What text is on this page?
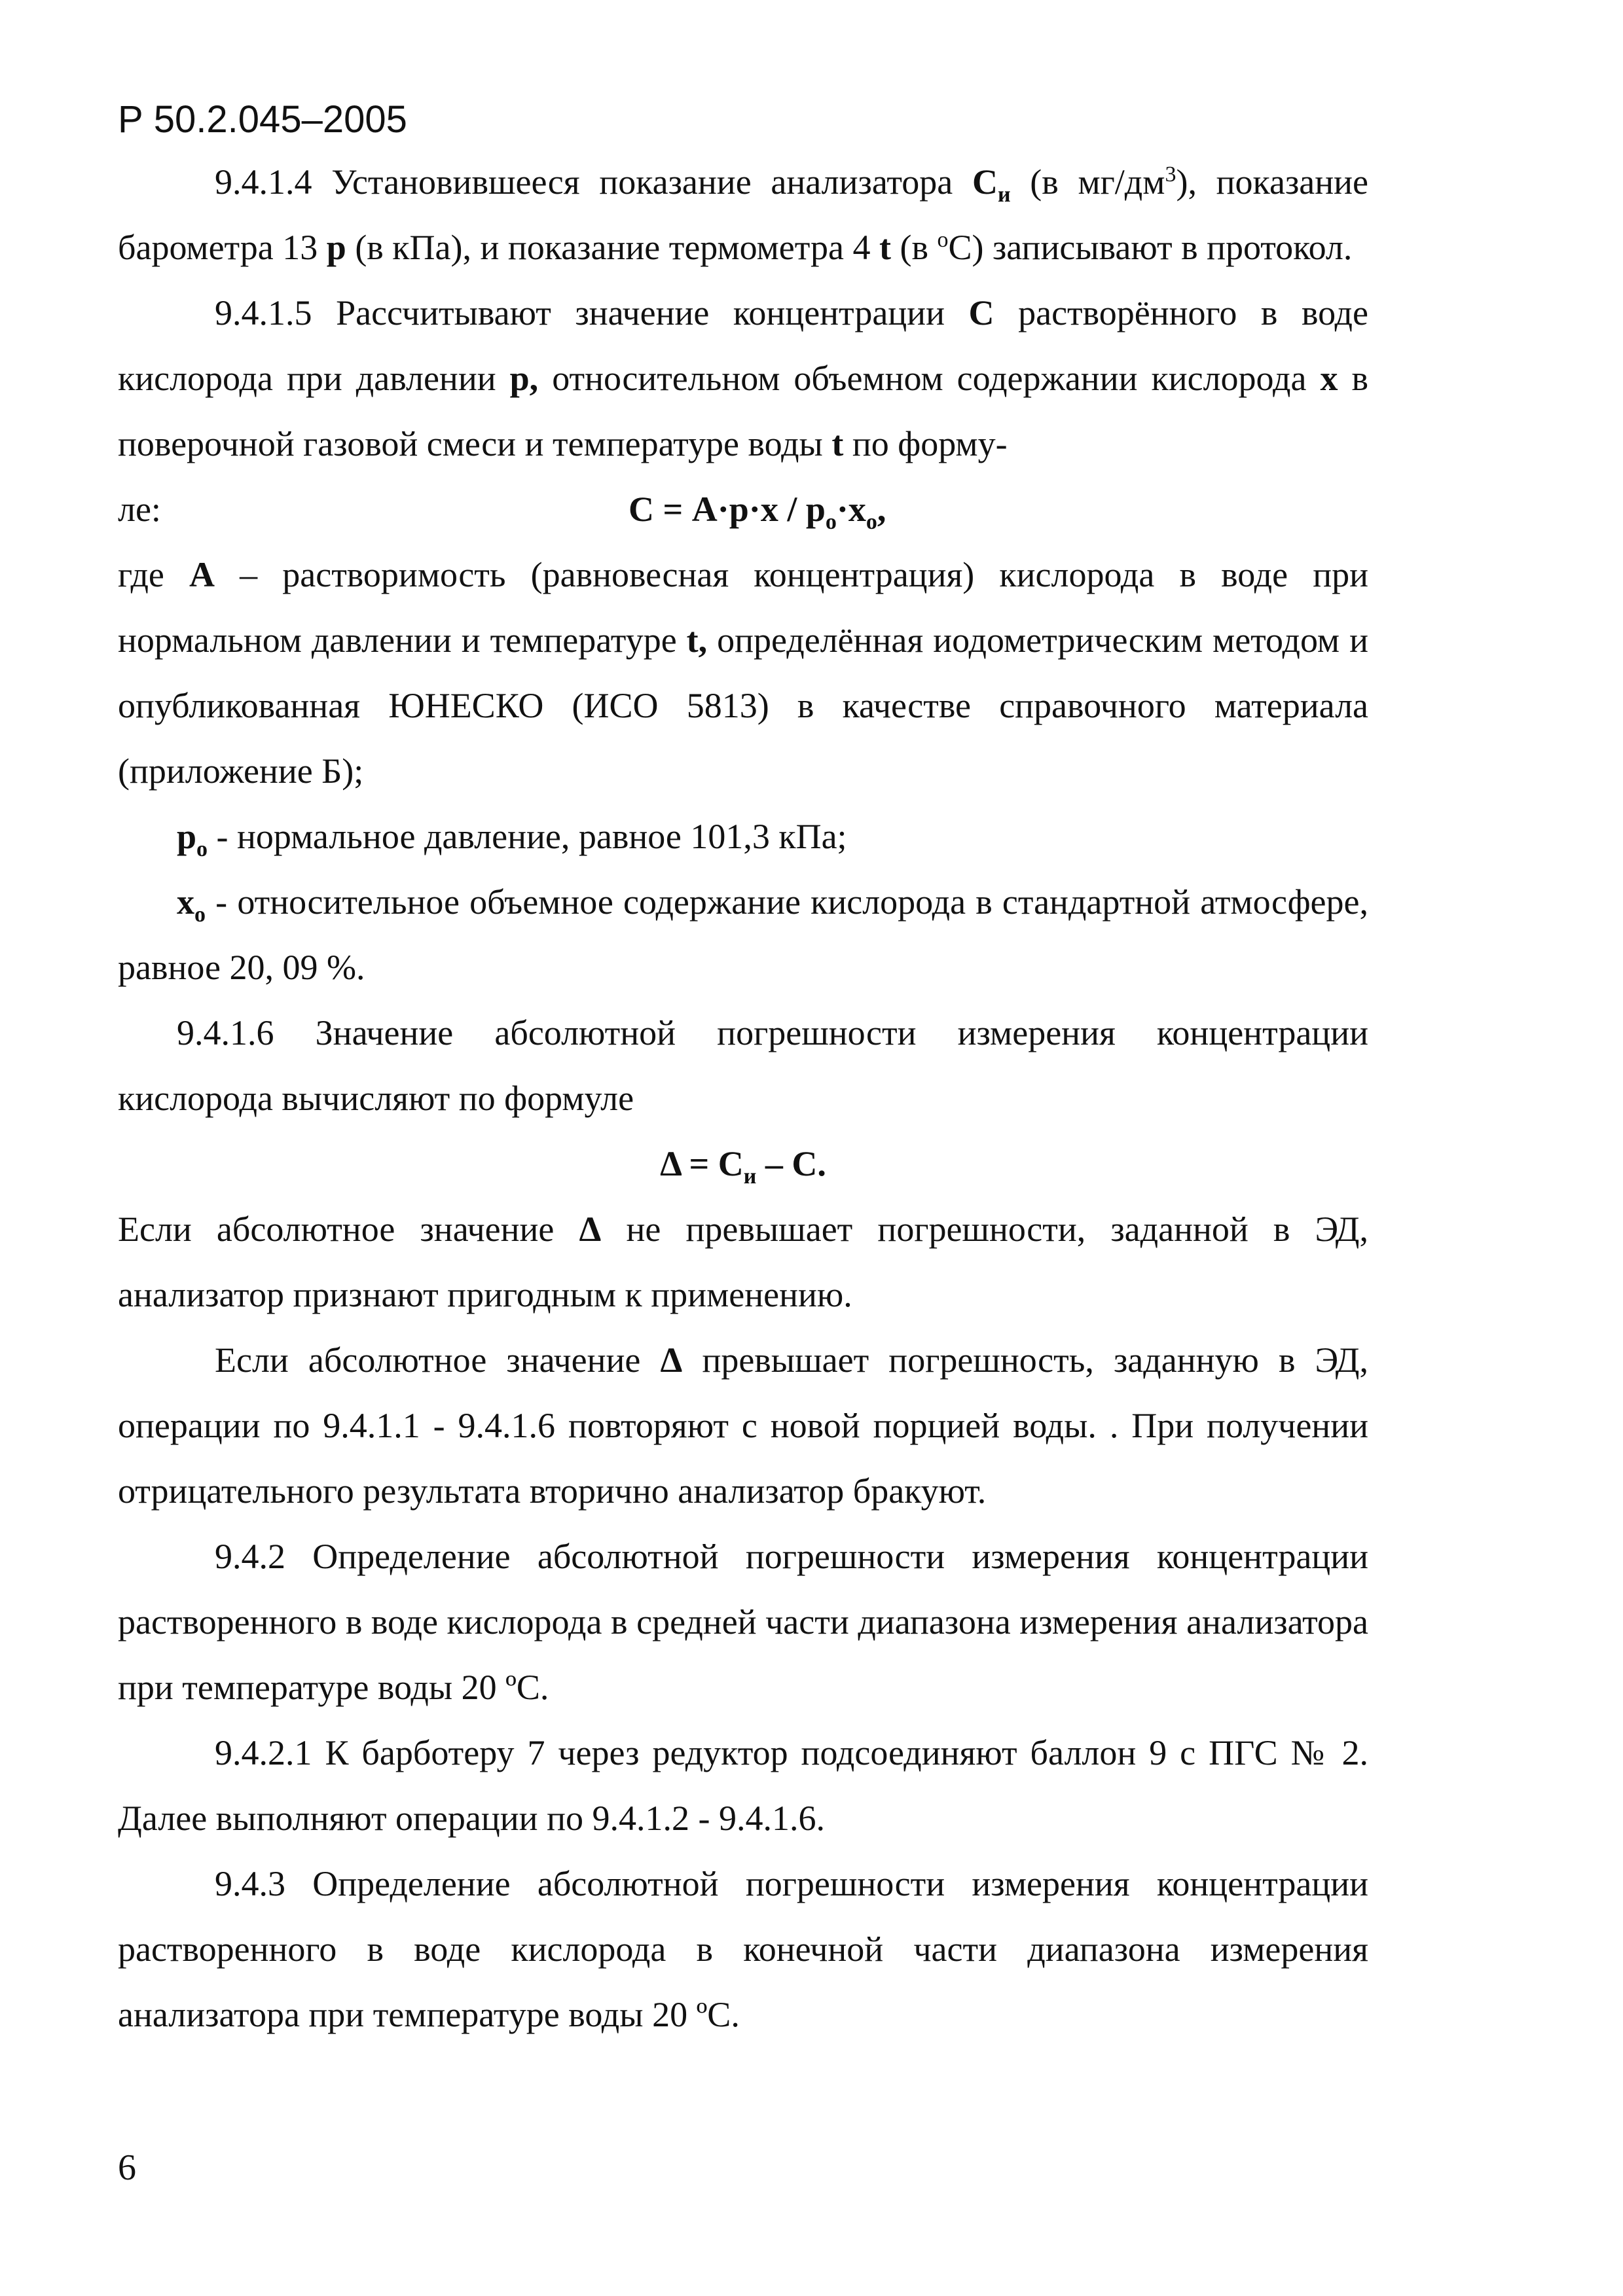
Р 50.2.045–2005

9.4.1.4 Установившееся показание анализатора $С_и$ (в $мг/дм^3$), показание барометра 13 р (в кПа), и показание термометра 4 t (в $^о$С) записывают в протокол.

9.4.1.5 Рассчитывают значение концентрации С растворённого в воде кислорода при давлении р, относительном объемном содержании кислорода х в поверочной газовой смеси и температуре воды t по форму-

ле:	$С = А\cdot р\cdot х / р_о\cdot х_о$,

где А – растворимость (равновесная концентрация) кислорода в воде при нормальном давлении и температуре t, определённая иодометрическим методом и опубликованная ЮНЕСКО (ИСО 5813) в качестве справочного материала (приложение Б);

$р_о$ - нормальное давление, равное 101,3 кПа;

$х_о$ - относительное объемное содержание кислорода в стандартной атмосфере, равное 20, 09 %.

9.4.1.6 Значение абсолютной погрешности измерения концентрации кислорода вычисляют по формуле

$\Delta = С_и - С$.

Если абсолютное значение Δ не превышает погрешности, заданной в ЭД, анализатор признают пригодным к применению.

Если абсолютное значение Δ превышает погрешность, заданную в ЭД, операции по 9.4.1.1 - 9.4.1.6 повторяют с новой порцией воды. . При получении отрицательного результата вторично анализатор бракуют.

9.4.2 Определение абсолютной погрешности измерения концентрации растворенного в воде кислорода в средней части диапазона измерения анализатора при температуре воды 20 ºС.

9.4.2.1 К барботеру 7 через редуктор подсоединяют баллон 9 с ПГС № 2. Далее выполняют операции по 9.4.1.2 - 9.4.1.6.

9.4.3 Определение абсолютной погрешности измерения концентрации растворенного в воде кислорода в конечной части диапазона измерения анализатора при температуре воды 20 ºС.

6
